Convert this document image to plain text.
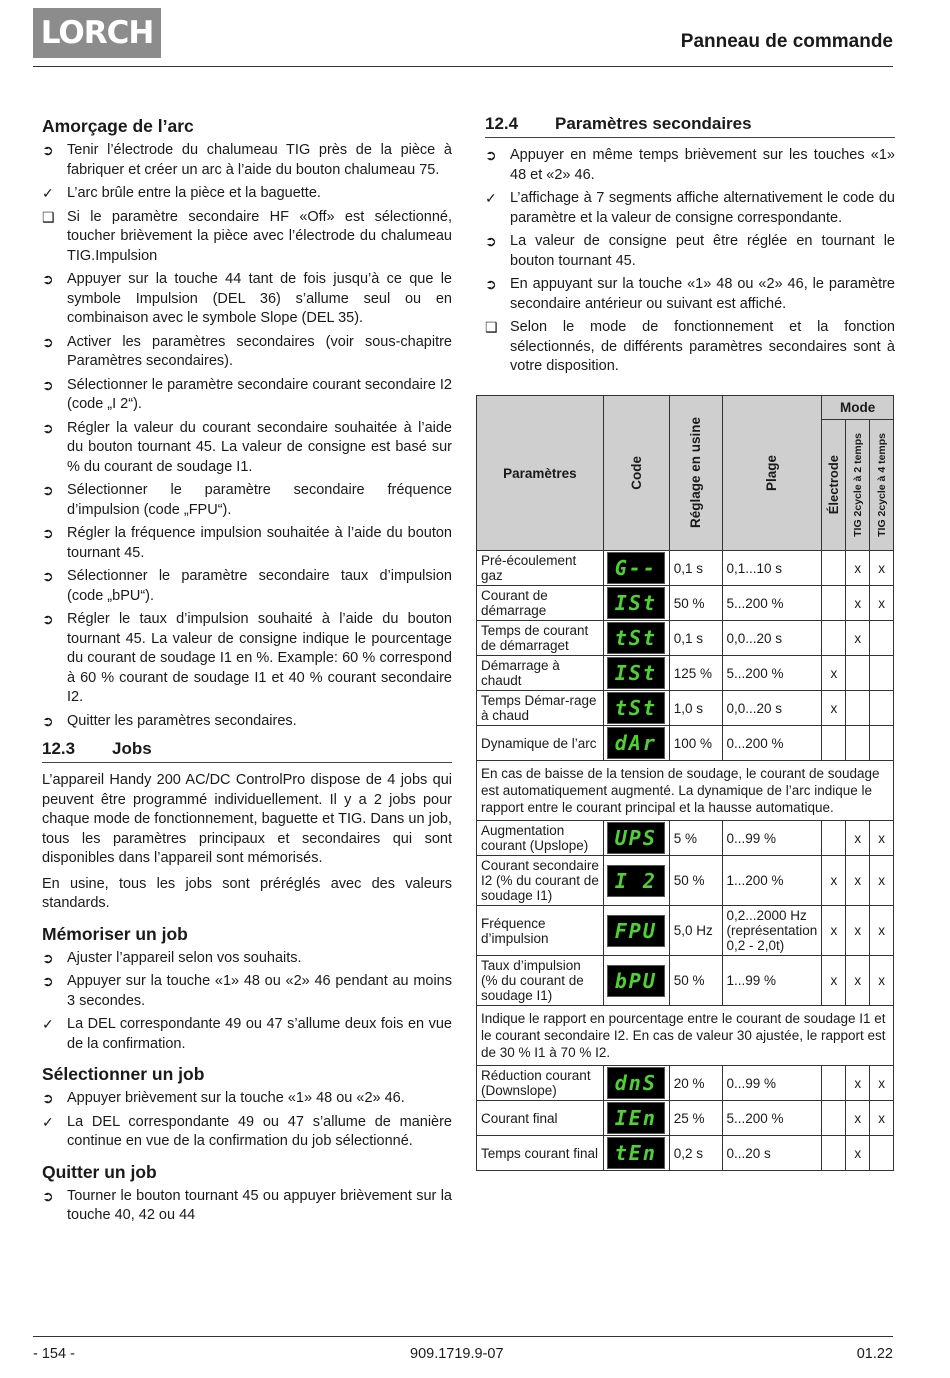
LORCH	Panneau de commande
Amorçage de l’arc
➲ Tenir l’électrode du chalumeau TIG près de la pièce à fabriquer et créer un arc à l’aide du bouton chalumeau 75.
✓ L’arc brûle entre la pièce et la baguette.
❑ Si le paramètre secondaire HF «Off» est sélectionné, toucher brièvement la pièce avec l’électrode du chalumeau TIG.Impulsion
➲ Appuyer sur la touche 44 tant de fois jusqu’à ce que le symbole Impulsion (DEL 36) s’allume seul ou en combinaison avec le symbole Slope (DEL 35).
➲ Activer les paramètres secondaires (voir sous-chapitre Paramètres secondaires).
➲ Sélectionner le paramètre secondaire courant secondaire I2 (code „I 2“).
➲ Régler la valeur du courant secondaire souhaitée à l’aide du bouton tournant 45. La valeur de consigne est basé sur % du courant de soudage I1.
➲ Sélectionner le paramètre secondaire fréquence d’impulsion (code „FPU“).
➲ Régler la fréquence impulsion souhaitée à l’aide du bouton tournant 45.
➲ Sélectionner le paramètre secondaire taux d’impulsion (code „bPU“).
➲ Régler le taux d’impulsion souhaité à l’aide du bouton tournant 45. La valeur de consigne indique le pourcentage du courant de soudage I1 en %. Example: 60 % correspond à 60 % courant de soudage I1 et 40 % courant secondaire I2.
➲ Quitter les paramètres secondaires.
12.3	Jobs

L’appareil Handy 200 AC/DC ControlPro dispose de 4 jobs qui peuvent être programmé individuellement. Il y a 2 jobs pour chaque mode de fonctionnement, baguette et TIG. Dans un job, tous les paramètres principaux et secondaires qui sont disponibles dans l’appareil sont mémorisés.

En usine, tous les jobs sont préréglés avec des valeurs standards.

Mémoriser un job
➲ Ajuster l’appareil selon vos souhaits.
➲ Appuyer sur la touche «1» 48 ou «2» 46 pendant au moins 3 secondes.
✓ La DEL correspondante 49 ou 47 s’allume deux fois en vue de la confirmation.
Sélectionner un job
➲ Appuyer brièvement sur la touche «1» 48 ou «2» 46.
✓ La DEL correspondante 49 ou 47 s’allume de manière continue en vue de la confirmation du job sélectionné.
Quitter un job
➲ Tourner le bouton tournant 45 ou appuyer brièvement sur la touche 40, 42 ou 44
12.4	Paramètres secondaires
➲ Appuyer en même temps brièvement sur les touches «1» 48 et «2» 46.
✓ L’affichage à 7 segments affiche alternativement le code du paramètre et la valeur de consigne correspondante.
➲ La valeur de consigne peut être réglée en tournant le bouton tournant 45.
➲ En appuyant sur la touche «1» 48 ou «2» 46, le paramètre secondaire antérieur ou suivant est affiché.
❑ Selon le mode de fonctionnement et la fonction sélectionnés, de différents paramètres secondaires sont à votre disposition.
Paramètres	Code	Réglage en usine	Plage	Mode		

				Électrode	TIG 2cycle à 2 temps	TIG 2cycle à 4 temps

Pré-écoulement gaz	G--	0,1 s	0,1...10 s		x	x
Courant de démarrage	ISt	50 %	5...200 %		x	x
Temps de courant de démarraget	tSt	0,1 s	0,0...20 s		x	
Démarrage à chaudt	ISt	125 %	5...200 %	x		
Temps Démar-rage à chaud	tSt	1,0 s	0,0...20 s	x		
Dynamique de l’arc	dAr	100 %	0...200 %			
En cas de baisse de la tension de soudage, le courant de soudage est automatiquement augmenté. La dynamique de l’arc indique le rapport entre le courant principal et la hausse automatique.						
Augmentation courant (Upslope)	UPS	5 %	0...99 %		x	x
Courant secondaire I2 (% du courant de soudage I1)	I 2	50 %	1...200 %	x	x	x
Fréquence d’impulsion	FPU	5,0 Hz	0,2...2000 Hz (représentation 0,2 - 2,0t)	x	x	x
Taux d’impulsion (% du courant de soudage I1)	bPU	50 %	1...99 %	x	x	x
Indique le rapport en pourcentage entre le courant de soudage I1 et le courant secondaire I2. En cas de valeur 30 ajustée, le rapport est de 30 % I1 à 70 % I2.						
Réduction courant (Downslope)	dnS	20 %	0...99 %		x	x
Courant final	IEn	25 %	5...200 %		x	x
Temps courant final	tEn	0,2 s	0...20 s		x	
- 154 -	909.1719.9-07	01.22
